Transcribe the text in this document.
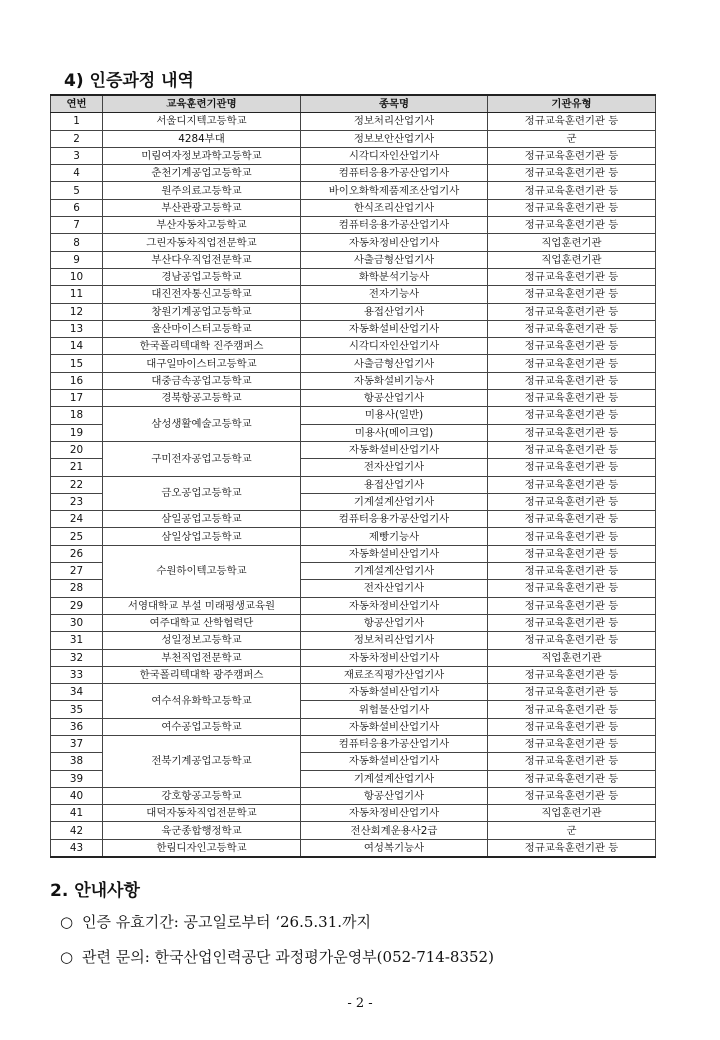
4) 인증과정 내역
연번	교육훈련기관명	종목명	기관유형
1	서울디지텍고등학교	정보처리산업기사	정규교육훈련기관 등
2	4284부대	정보보안산업기사	군
3	미림여자정보과학고등학교	시각디자인산업기사	정규교육훈련기관 등
4	춘천기계공업고등학교	컴퓨터응용가공산업기사	정규교육훈련기관 등
5	원주의료고등학교	바이오화학제품제조산업기사	정규교육훈련기관 등
6	부산관광고등학교	한식조리산업기사	정규교육훈련기관 등
7	부산자동차고등학교	컴퓨터응용가공산업기사	정규교육훈련기관 등
8	그린자동차직업전문학교	자동차정비산업기사	직업훈련기관
9	부산다우직업전문학교	사출금형산업기사	직업훈련기관
10	경남공업고등학교	화학분석기능사	정규교육훈련기관 등
11	대진전자통신고등학교	전자기능사	정규교육훈련기관 등
12	창원기계공업고등학교	용접산업기사	정규교육훈련기관 등
13	울산마이스터고등학교	자동화설비산업기사	정규교육훈련기관 등
14	한국폴리텍대학 진주캠퍼스	시각디자인산업기사	정규교육훈련기관 등
15	대구일마이스터고등학교	사출금형산업기사	정규교육훈련기관 등
16	대중금속공업고등학교	자동화설비기능사	정규교육훈련기관 등
17	경북항공고등학교	항공산업기사	정규교육훈련기관 등
18	삼성생활예술고등학교	미용사(일반)	정규교육훈련기관 등
19		미용사(메이크업)	정규교육훈련기관 등
20	구미전자공업고등학교	자동화설비산업기사	정규교육훈련기관 등
21		전자산업기사	정규교육훈련기관 등
22	금오공업고등학교	용접산업기사	정규교육훈련기관 등
23		기계설계산업기사	정규교육훈련기관 등
24	삼일공업고등학교	컴퓨터응용가공산업기사	정규교육훈련기관 등
25	삼일상업고등학교	제빵기능사	정규교육훈련기관 등
26	수원하이텍고등학교	자동화설비산업기사	정규교육훈련기관 등
27		기계설계산업기사	정규교육훈련기관 등
28		전자산업기사	정규교육훈련기관 등
29	서영대학교 부설 미래평생교육원	자동차정비산업기사	정규교육훈련기관 등
30	여주대학교 산학협력단	항공산업기사	정규교육훈련기관 등
31	성일정보고등학교	정보처리산업기사	정규교육훈련기관 등
32	부천직업전문학교	자동차정비산업기사	직업훈련기관
33	한국폴리텍대학 광주캠퍼스	재료조직평가산업기사	정규교육훈련기관 등
34	여수석유화학고등학교	자동화설비산업기사	정규교육훈련기관 등
35		위험물산업기사	정규교육훈련기관 등
36	여수공업고등학교	자동화설비산업기사	정규교육훈련기관 등
37	전북기계공업고등학교	컴퓨터응용가공산업기사	정규교육훈련기관 등
38		자동화설비산업기사	정규교육훈련기관 등
39		기계설계산업기사	정규교육훈련기관 등
40	강호항공고등학교	항공산업기사	정규교육훈련기관 등
41	대덕자동차직업전문학교	자동차정비산업기사	직업훈련기관
42	육군종합행정학교	전산회계운용사2급	군
43	한림디자인고등학교	여성복기능사	정규교육훈련기관 등
2. 안내사항
○ 인증 유효기간: 공고일로부터 ‘26.5.31.까지
○ 관련 문의: 한국산업인력공단 과정평가운영부(052-714-8352)
- 2 -
